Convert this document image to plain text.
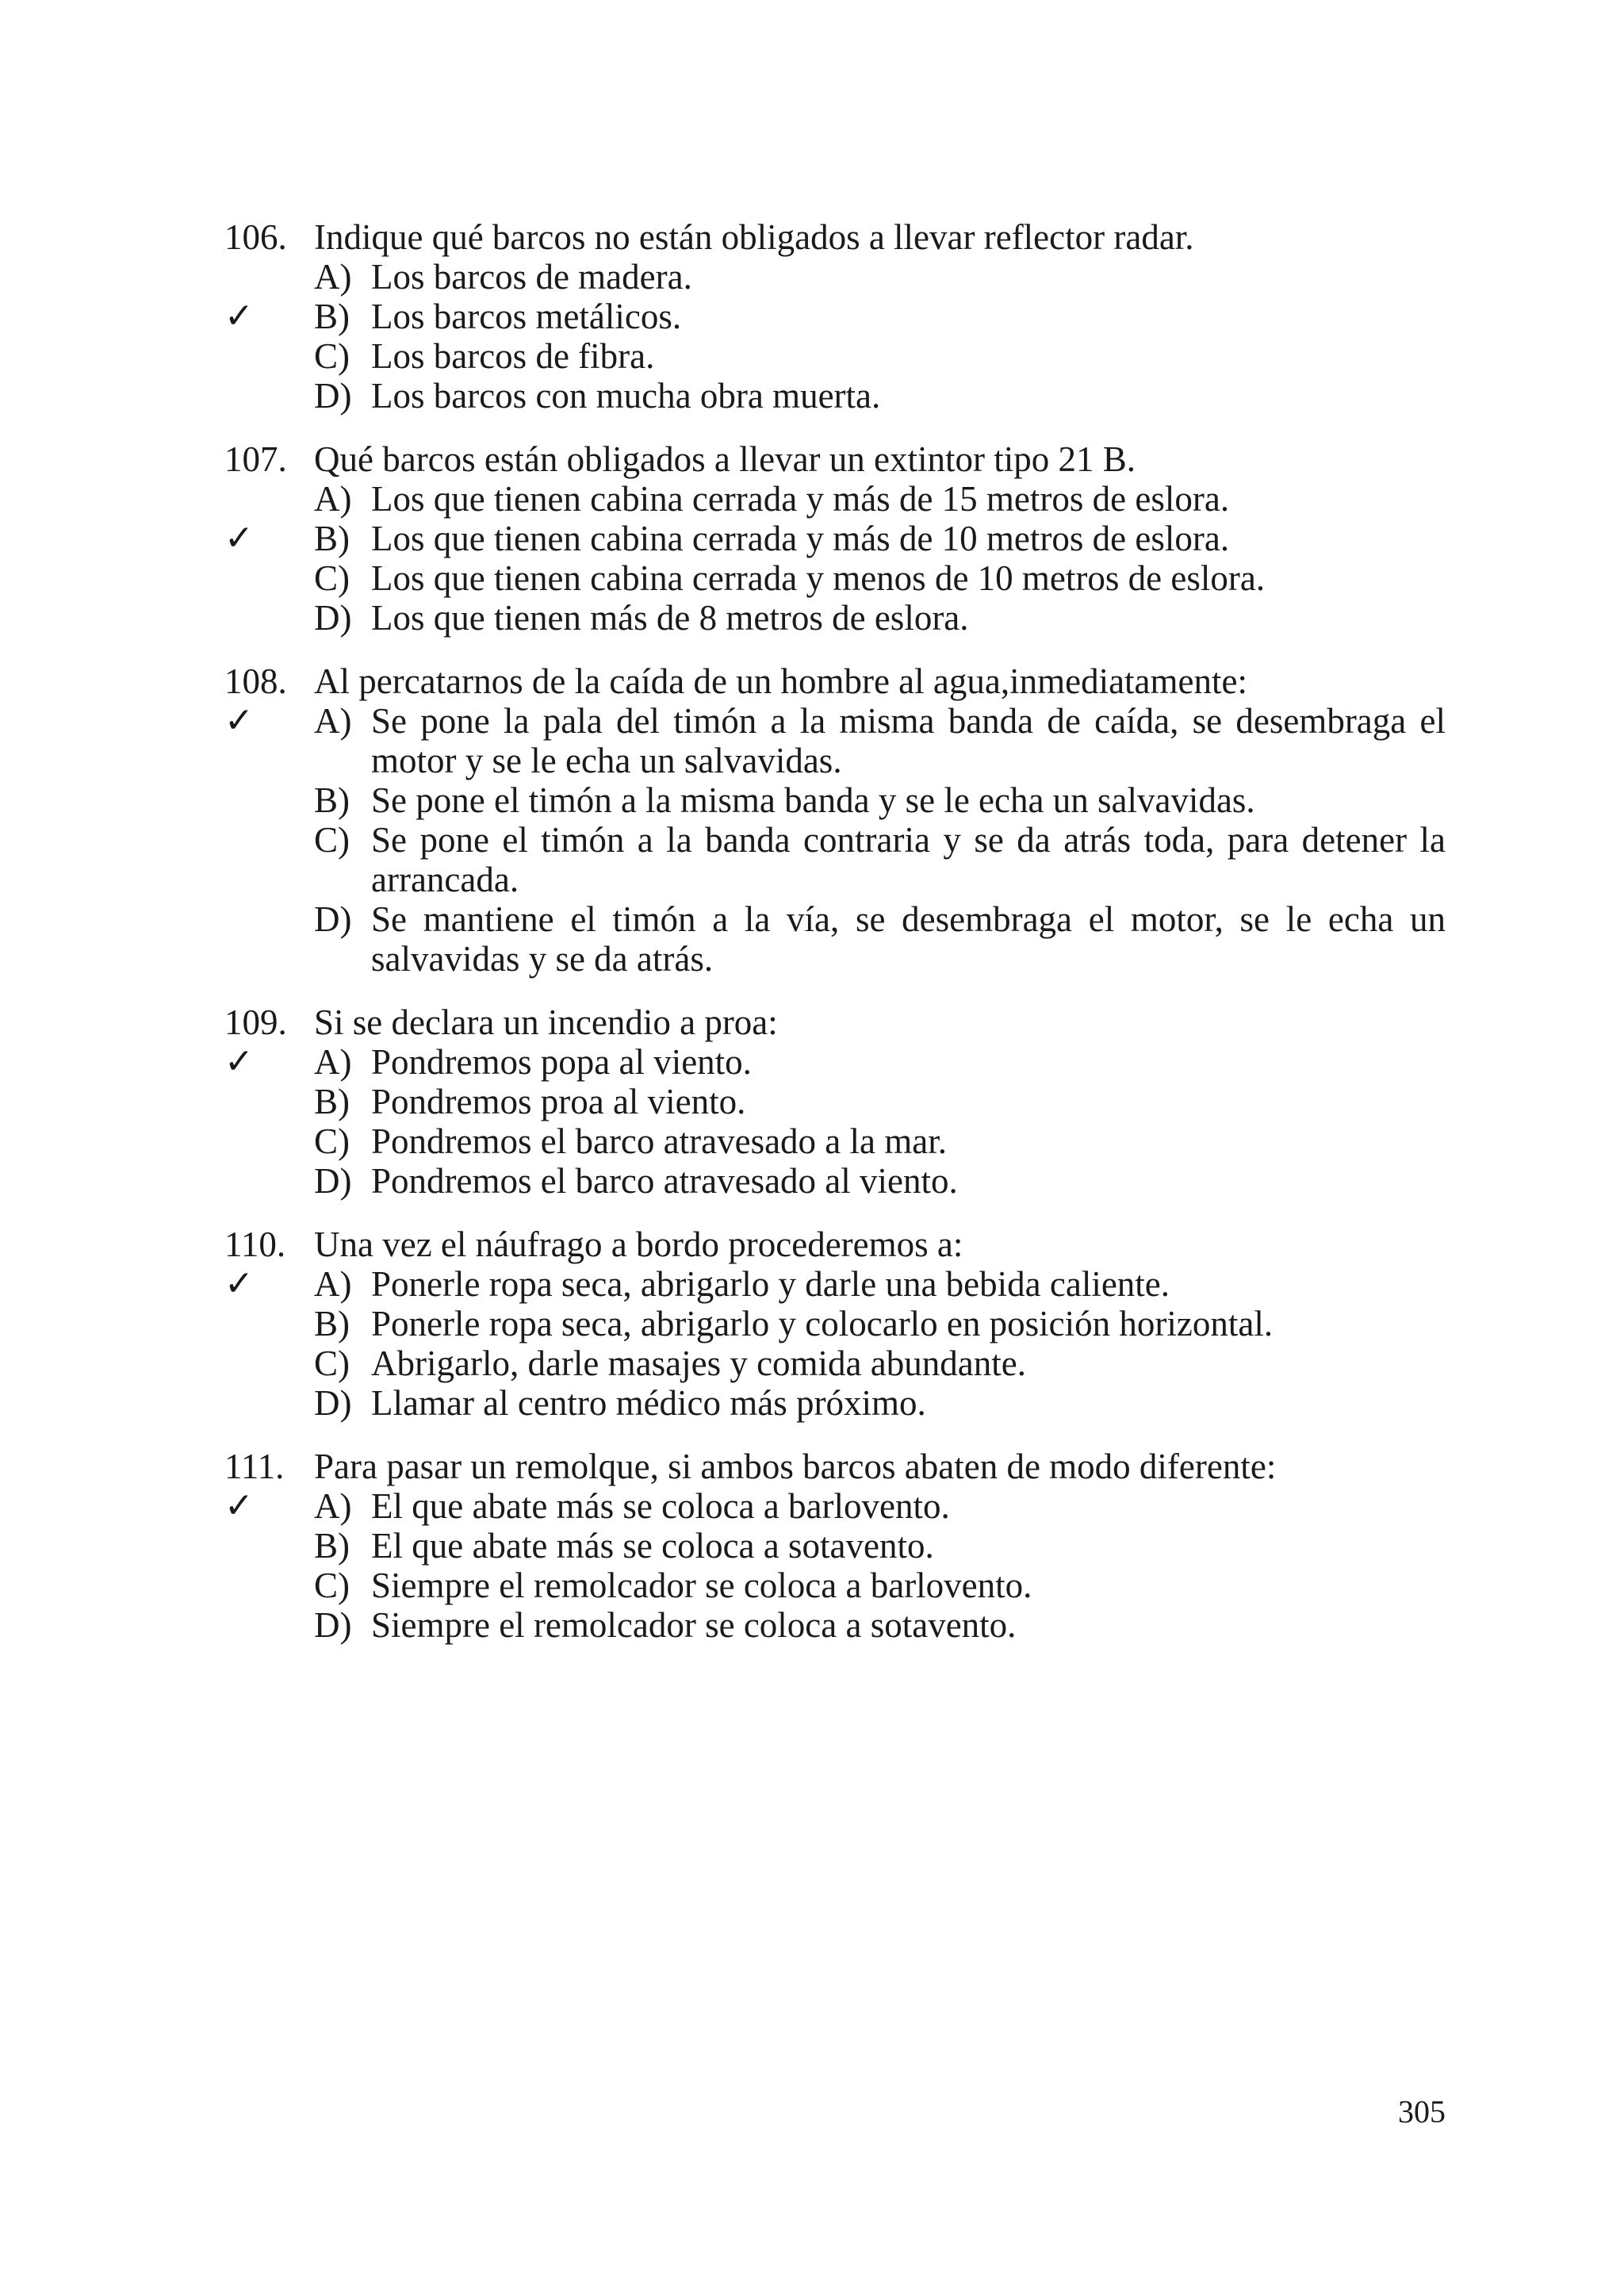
106. Indique qué barcos no están obligados a llevar reflector radar.
A) Los barcos de madera.
✓ B) Los barcos metálicos.
C) Los barcos de fibra.
D) Los barcos con mucha obra muerta.
107. Qué barcos están obligados a llevar un extintor tipo 21 B.
A) Los que tienen cabina cerrada y más de 15 metros de eslora.
✓ B) Los que tienen cabina cerrada y más de 10 metros de eslora.
C) Los que tienen cabina cerrada y menos de 10 metros de eslora.
D) Los que tienen más de 8 metros de eslora.
108. Al percatarnos de la caída de un hombre al agua,inmediatamente:
✓ A) Se pone la pala del timón a la misma banda de caída, se desembraga el motor y se le echa un salvavidas.
B) Se pone el timón a la misma banda y se le echa un salvavidas.
C) Se pone el timón a la banda contraria y se da atrás toda, para detener la arrancada.
D) Se mantiene el timón a la vía, se desembraga el motor, se le echa un salvavidas y se da atrás.
109. Si se declara un incendio a proa:
✓ A) Pondremos popa al viento.
B) Pondremos proa al viento.
C) Pondremos el barco atravesado a la mar.
D) Pondremos el barco atravesado al viento.
110. Una vez el náufrago a bordo procederemos a:
✓ A) Ponerle ropa seca, abrigarlo y darle una bebida caliente.
B) Ponerle ropa seca, abrigarlo y colocarlo en posición horizontal.
C) Abrigarlo, darle masajes y comida abundante.
D) Llamar al centro médico más próximo.
111. Para pasar un remolque, si ambos barcos abaten de modo diferente:
✓ A) El que abate más se coloca a barlovento.
B) El que abate más se coloca a sotavento.
C) Siempre el remolcador se coloca a barlovento.
D) Siempre el remolcador se coloca a sotavento.
305
